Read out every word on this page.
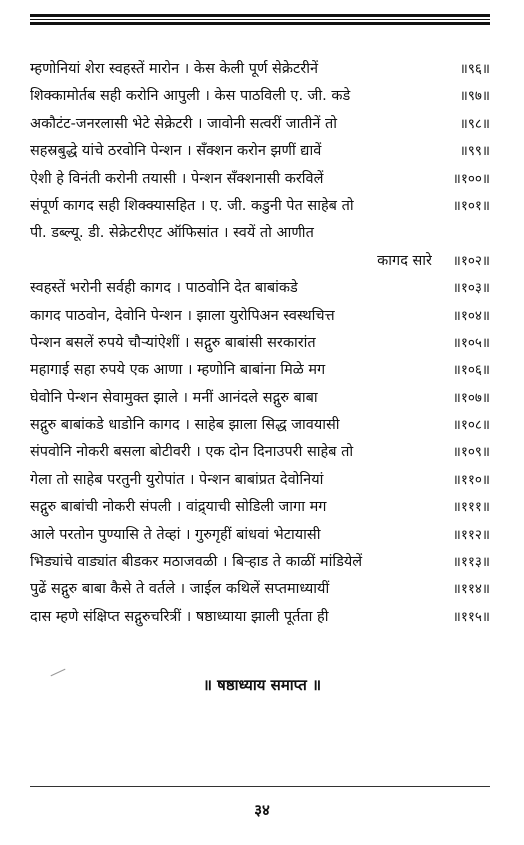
म्हणोनियां शेरा स्वहस्तें मारोन । केस केली पूर्ण सेक्रेटरीनें	॥९६॥
शिक्कामोर्तब सही करोनि आपुली । केस पाठविली ए. जी. कडे	॥९७॥
अकौटंट-जनरलासी भेटे सेक्रेटरी । जावोनी सत्वरीं जातीनें तो	॥९८॥
सहस्रबुद्धे यांचे ठरवोनि पेन्शन । सॅंक्शन करोन झणीं द्यावें	॥९९॥
ऐशी हे विनंती करोनी तयासी । पेन्शन सॅंक्शनासी करविलें	॥१००॥
संपूर्ण कागद सही शिक्क्यासहित । ए. जी. कडुनी पेत साहेब तो	॥१०१॥
पी. डब्ल्यू. डी. सेक्रेटरीएट ऑफिसांत । स्वयें तो आणीत
कागद सारे ॥१०२॥
स्वहस्तें भरोनी सर्वही कागद । पाठवोनि देत बाबांकडे	॥१०३॥
कागद पाठवोन, देवोनि पेन्शन । झाला युरोपिअन स्वस्थचित्त	॥१०४॥
पेन्शन बसलें रुपये चौऱ्यांऐशीं । सद्गुरु बाबांसी सरकारांत	॥१०५॥
महागाई सहा रुपये एक आणा । म्हणोनि बाबांना मिळे मग	॥१०६॥
घेवोनि पेन्शन सेवामुक्त झाले । मनीं आनंदले सद्गुरु बाबा	॥१०७॥
सद्गुरु बाबांकडे धाडोनि कागद । साहेब झाला सिद्ध जावयासी	॥१०८॥
संपवोनि नोकरी बसला बोटीवरी । एक दोन दिनाउपरी साहेब तो	॥१०९॥
गेला तो साहेब परतुनी युरोपांत । पेन्शन बाबांप्रत देवोनियां	॥११०॥
सद्गुरु बाबांची नोकरी संपली । वांद्र्याची सोडिली जागा मग	॥१११॥
आले परतोन पुण्यासि ते तेव्हां । गुरुगृहीं बांधवां भेटायासी	॥११२॥
भिड्यांचे वाड्यांत बीडकर मठाजवळी । बिऱ्हाड ते काळीं मांडियेलें	॥११३॥
पुढें सद्गुरु बाबा कैसे ते वर्तले । जाईल कथिलें सप्तमाध्यायीं	॥११४॥
दास म्हणे संक्षिप्त सद्गुरुचरित्रीं । षष्ठाध्याया झाली पूर्तता ही	॥११५॥
॥ षष्ठाध्याय समाप्त ॥
३४
